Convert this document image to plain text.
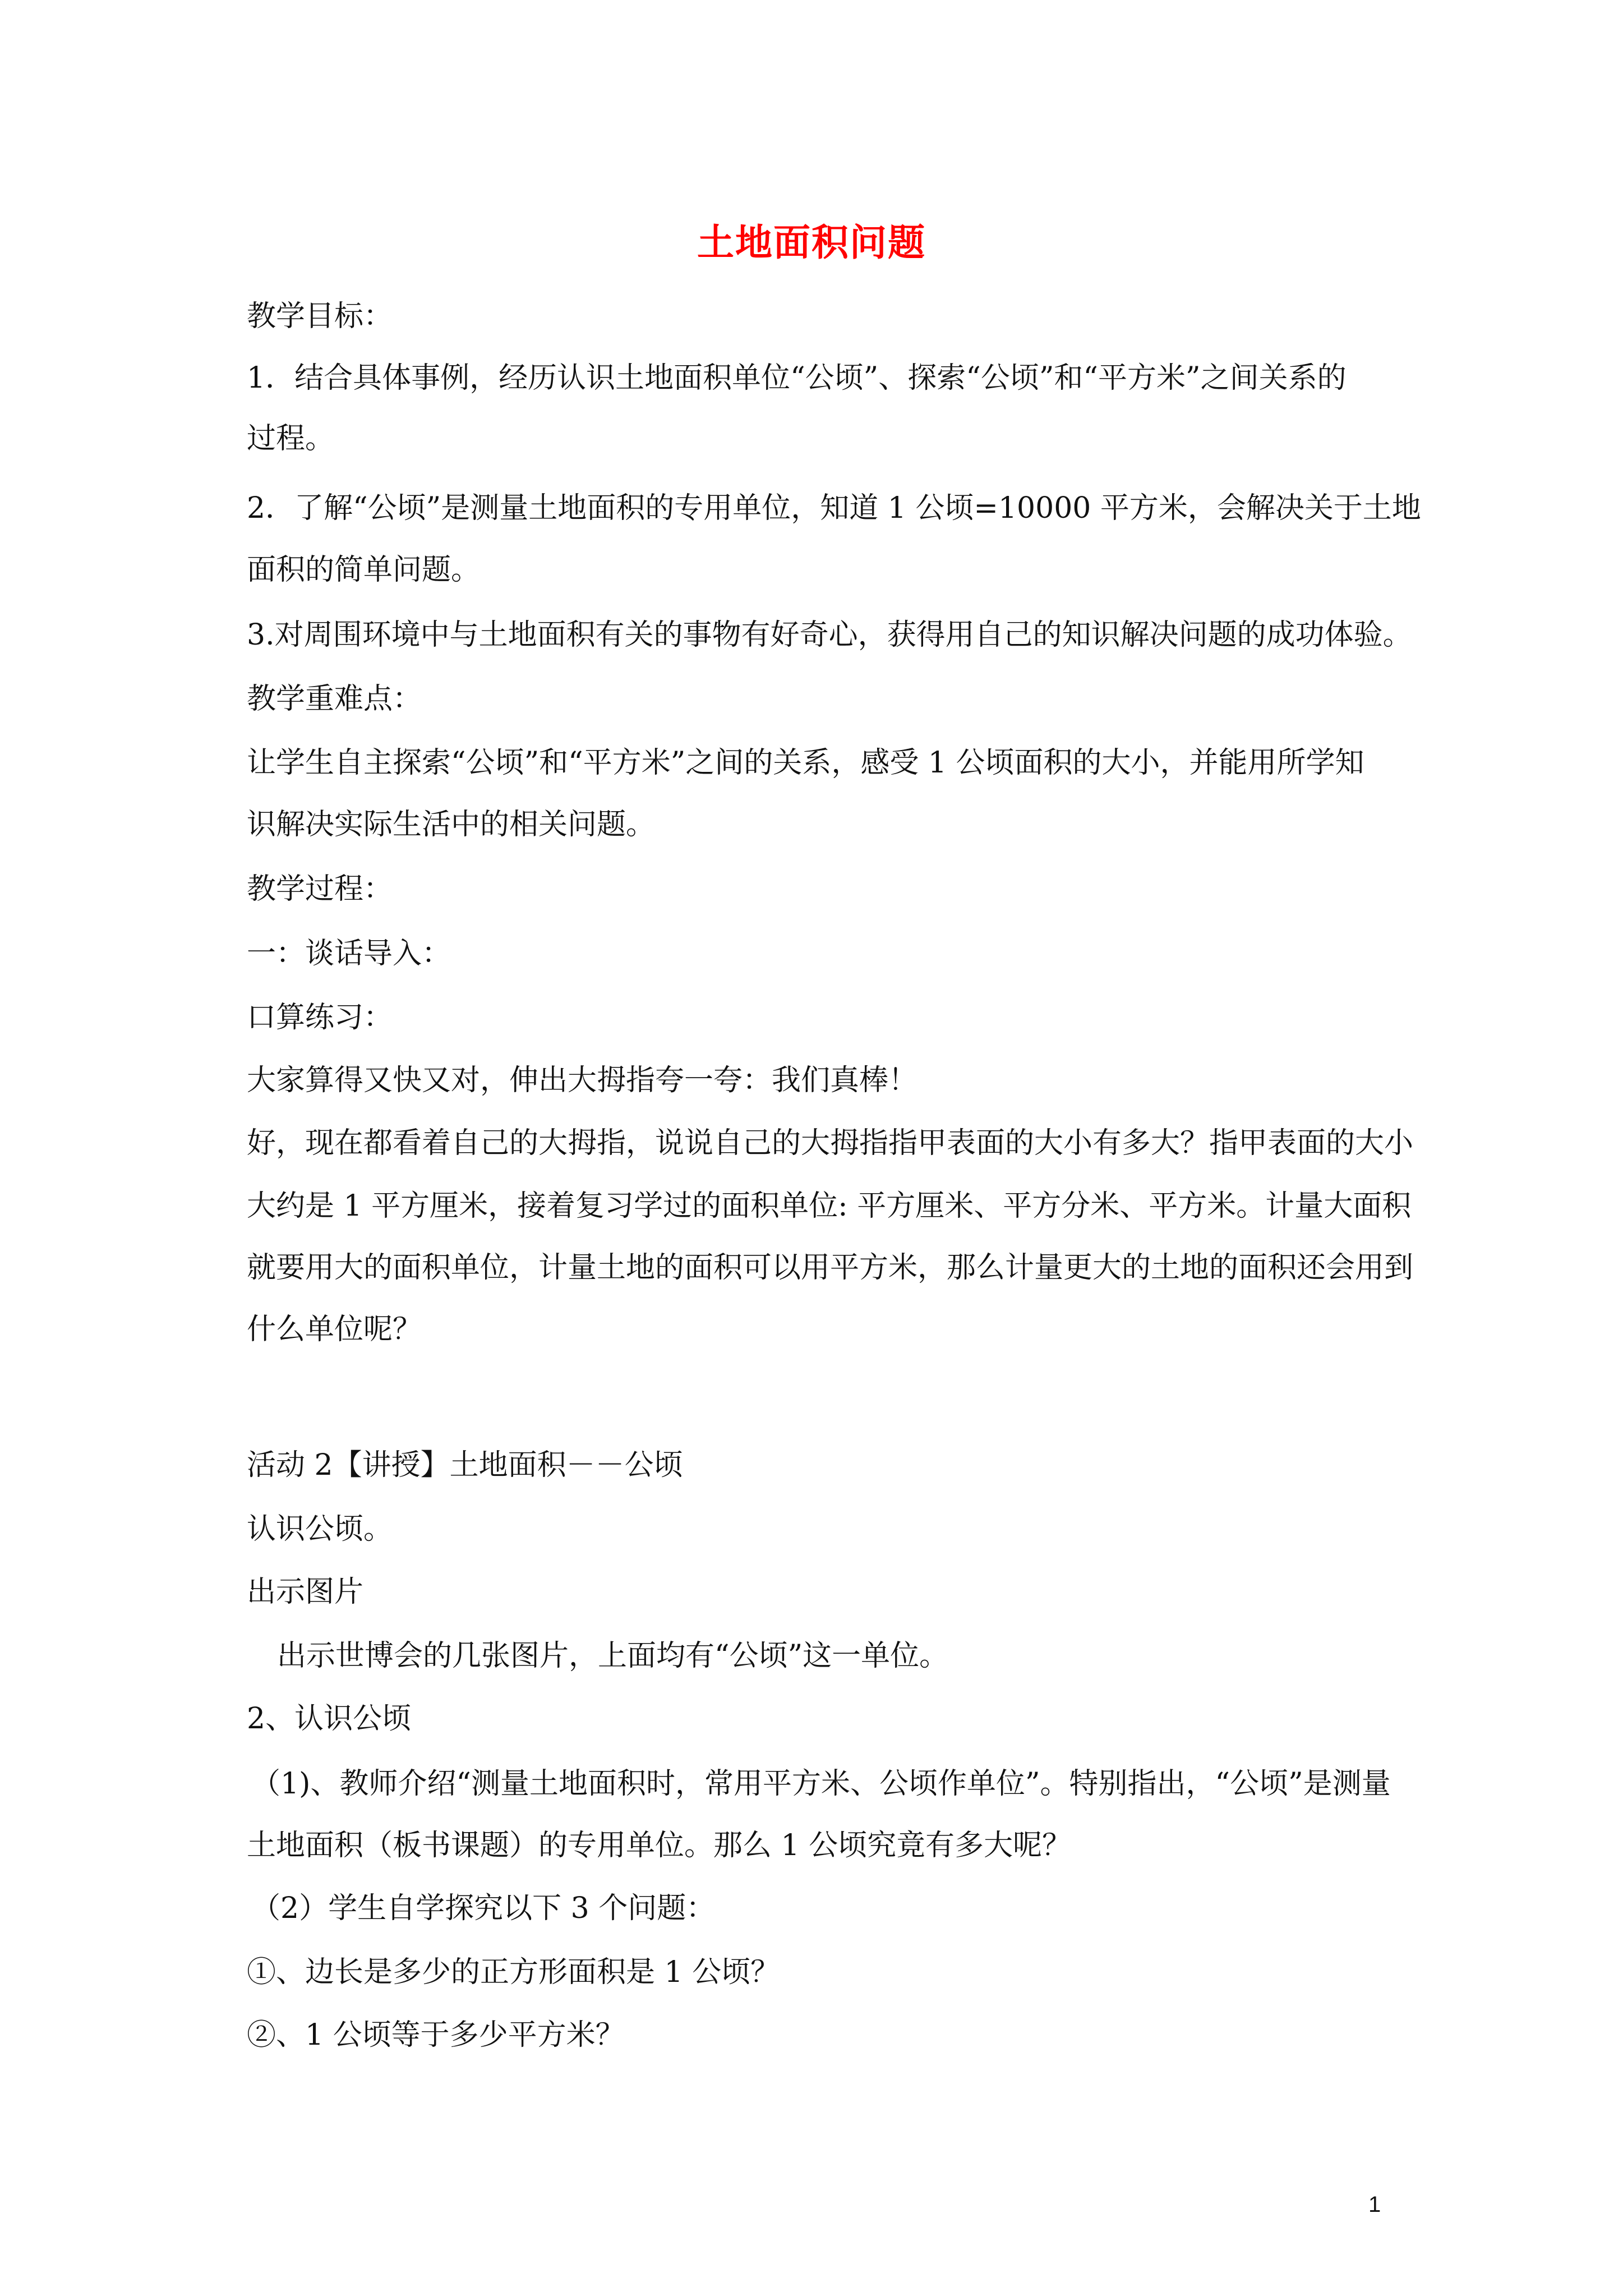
土地面积问题
教学目标：
1．结合具体事例，经历认识土地面积单位“公顷”、探索“公顷”和“平方米”之间关系的
过程。
2．了解“公顷”是测量土地面积的专用单位，知道 1 公顷=10000 平方米，会解决关于土地
面积的简单问题。
3.对周围环境中与土地面积有关的事物有好奇心，获得用自己的知识解决问题的成功体验。
教学重难点：
让学生自主探索“公顷”和“平方米”之间的关系，感受 1 公顷面积的大小，并能用所学知
识解决实际生活中的相关问题。
教学过程：
一：谈话导入：
口算练习：
大家算得又快又对，伸出大拇指夸一夸：我们真棒！
好，现在都看着自己的大拇指，说说自己的大拇指指甲表面的大小有多大？指甲表面的大小
大约是 1 平方厘米，接着复习学过的面积单位: 平方厘米、平方分米、平方米。计量大面积
就要用大的面积单位，计量土地的面积可以用平方米，那么计量更大的土地的面积还会用到
什么单位呢？
活动 2【讲授】土地面积－－公顷
认识公顷。
出示图片
出示世博会的几张图片，上面均有“公顷”这一单位。
2、认识公顷
（1)、教师介绍“测量土地面积时，常用平方米、公顷作单位”。特别指出，“公顷”是测量
土地面积（板书课题）的专用单位。那么 1 公顷究竟有多大呢？
（2）学生自学探究以下 3 个问题：
①、边长是多少的正方形面积是 1 公顷？
②、1 公顷等于多少平方米？
1
